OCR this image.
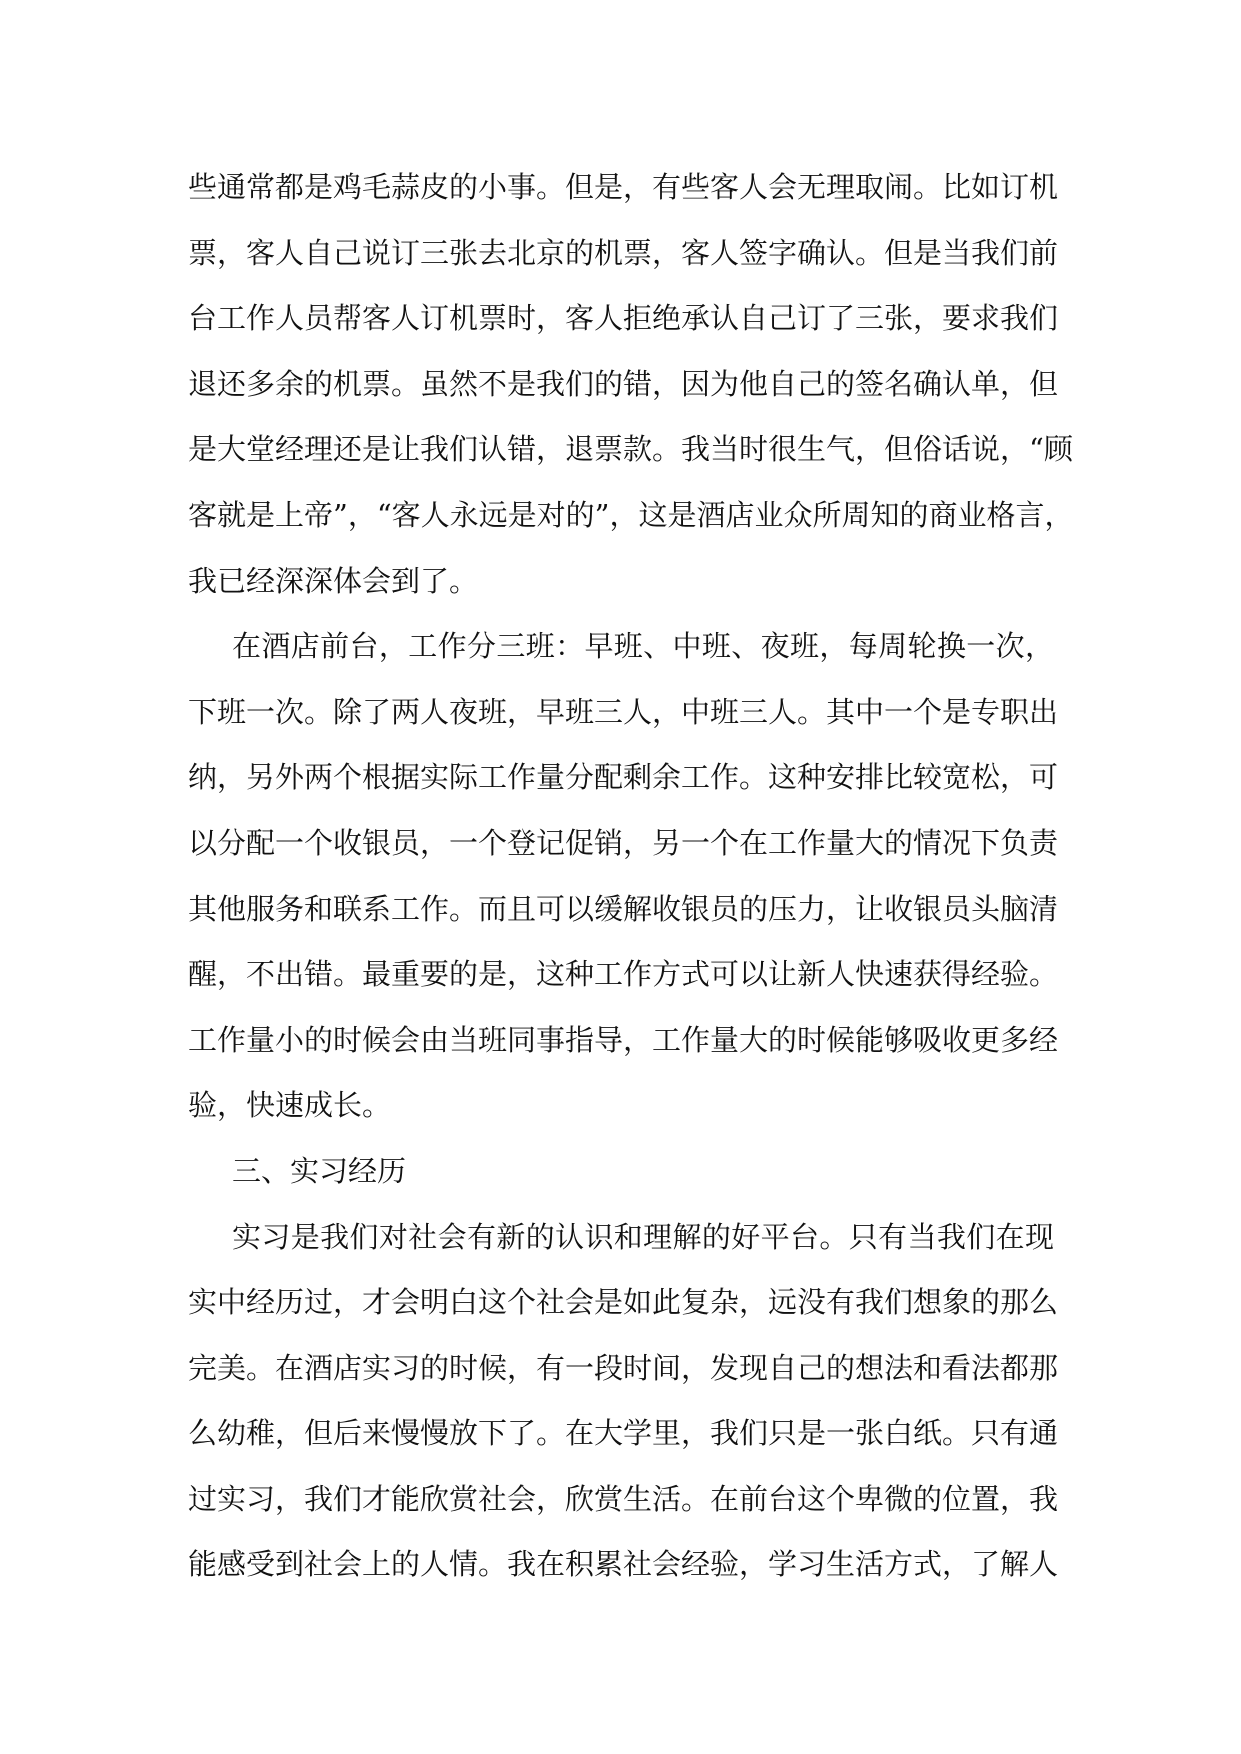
些通常都是鸡毛蒜皮的小事。但是，有些客人会无理取闹。比如订机
票，客人自己说订三张去北京的机票，客人签字确认。但是当我们前
台工作人员帮客人订机票时，客人拒绝承认自己订了三张，要求我们
退还多余的机票。虽然不是我们的错，因为他自己的签名确认单，但
是大堂经理还是让我们认错，退票款。我当时很生气，但俗话说，“顾
客就是上帝”，“客人永远是对的”，这是酒店业众所周知的商业格言，
我已经深深体会到了。
在酒店前台，工作分三班：早班、中班、夜班，每周轮换一次，
下班一次。除了两人夜班，早班三人，中班三人。其中一个是专职出
纳，另外两个根据实际工作量分配剩余工作。这种安排比较宽松，可
以分配一个收银员，一个登记促销，另一个在工作量大的情况下负责
其他服务和联系工作。而且可以缓解收银员的压力，让收银员头脑清
醒，不出错。最重要的是，这种工作方式可以让新人快速获得经验。
工作量小的时候会由当班同事指导，工作量大的时候能够吸收更多经
验，快速成长。
三、实习经历
实习是我们对社会有新的认识和理解的好平台。只有当我们在现
实中经历过，才会明白这个社会是如此复杂，远没有我们想象的那么
完美。在酒店实习的时候，有一段时间，发现自己的想法和看法都那
么幼稚，但后来慢慢放下了。在大学里，我们只是一张白纸。只有通
过实习，我们才能欣赏社会，欣赏生活。在前台这个卑微的位置，我
能感受到社会上的人情。我在积累社会经验，学习生活方式，了解人
